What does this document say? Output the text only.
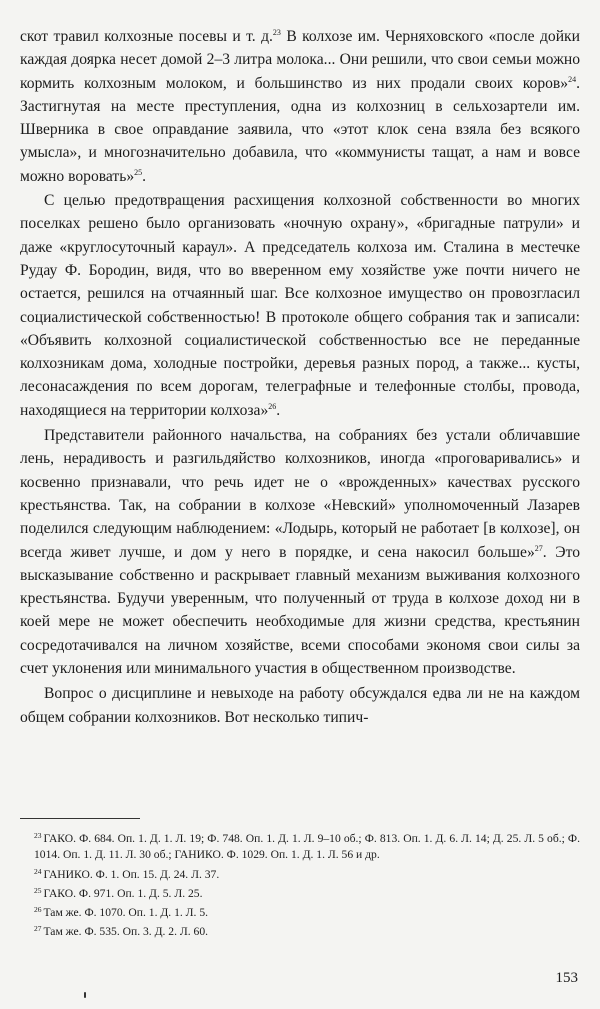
скот травил колхозные посевы и т. д.$^{23}$ В колхозе им. Черняховского «после дойки каждая доярка несет домой 2–3 литра молока... Они решили, что свои семьи можно кормить колхозным молоком, и большинство из них продали своих коров»$^{24}$. Застигнутая на месте преступления, одна из колхозниц в сельхозартели им. Шверника в свое оправдание заявила, что «этот клок сена взяла без всякого умысла», и многозначительно добавила, что «коммунисты тащат, а нам и вовсе можно воровать»$^{25}$.

С целью предотвращения расхищения колхозной собственности во многих поселках решено было организовать «ночную охрану», «бригадные патрули» и даже «круглосуточный караул». А председатель колхоза им. Сталина в местечке Рудау Ф. Бородин, видя, что во вверенном ему хозяйстве уже почти ничего не остается, решился на отчаянный шаг. Все колхозное имущество он провозгласил социалистической собственностью! В протоколе общего собрания так и записали: «Объявить колхозной социалистической собственностью все не переданные колхозникам дома, холодные постройки, деревья разных пород, а также... кусты, лесонасаждения по всем дорогам, телеграфные и телефонные столбы, провода, находящиеся на территории колхоза»$^{26}$.

Представители районного начальства, на собраниях без устали обличавшие лень, нерадивость и разгильдяйство колхозников, иногда «проговаривались» и косвенно признавали, что речь идет не о «врожденных» качествах русского крестьянства. Так, на собрании в колхозе «Невский» уполномоченный Лазарев поделился следующим наблюдением: «Лодырь, который не работает [в колхозе], он всегда живет лучше, и дом у него в порядке, и сена накосил больше»$^{27}$. Это высказывание собственно и раскрывает главный механизм выживания колхозного крестьянства. Будучи уверенным, что полученный от труда в колхозе доход ни в коей мере не может обеспечить необходимые для жизни средства, крестьянин сосредотачивался на личном хозяйстве, всеми способами экономя свои силы за счет уклонения или минимального участия в общественном производстве.

Вопрос о дисциплине и невыходе на работу обсуждался едва ли не на каждом общем собрании колхозников. Вот несколько типич-

$^{23}$ ГАКО. Ф. 684. Оп. 1. Д. 1. Л. 19; Ф. 748. Оп. 1. Д. 1. Л. 9–10 об.; Ф. 813. Оп. 1. Д. 6. Л. 14; Д. 25. Л. 5 об.; Ф. 1014. Оп. 1. Д. 11. Л. 30 об.; ГАНИКО. Ф. 1029. Оп. 1. Д. 1. Л. 56 и др.

$^{24}$ ГАНИКО. Ф. 1. Оп. 15. Д. 24. Л. 37.

$^{25}$ ГАКО. Ф. 971. Оп. 1. Д. 5. Л. 25.

$^{26}$ Там же. Ф. 1070. Оп. 1. Д. 1. Л. 5.

$^{27}$ Там же. Ф. 535. Оп. 3. Д. 2. Л. 60.

153
